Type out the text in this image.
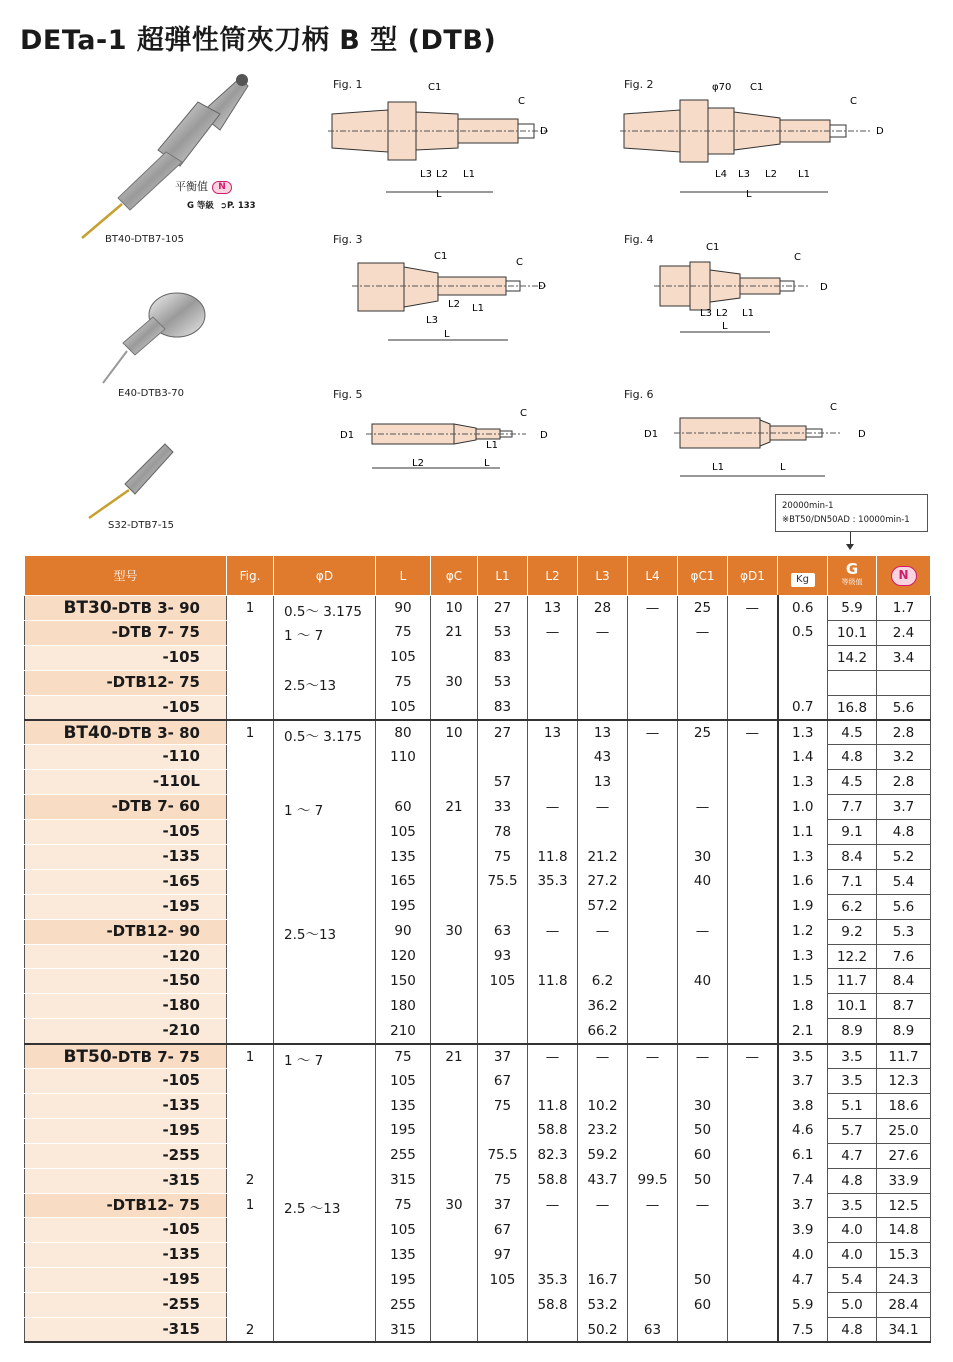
DETa-1 超弾性筒夾刀柄 B 型 (DTB)
BT40-DTB7-105
平衡值 N
G 等級 ➲P. 133
E40-DTB3-70
S32-DTB7-15
Fig. 1
L
L3 L2 L1
C1
C
D
Fig. 2
L
L4 L3 L2 L1
φ70 C1
C
D
Fig. 3
L
L2 L1
L3
C1
C
D
Fig. 4
L
L3 L2 L1
C1
C
D
Fig. 5
D1
L2	L
L1
C
D
Fig. 6
D1
L1	L
C
D
20000min-1
※BT50/DN50AD : 10000min-1
型号	Fig.	φD	L	φC	L1	L2	L3	L4	φC1	φD1	Kg	G
等级值	N
BT30-DTB 3- 90	1	0.5～ 3.175	90	10	27	13	28	—	25	—	0.6	5.9	1.7
-DTB 7- 75		1 ～ 7	75	21	53	—	—		—		0.5	10.1	2.4
-105			105		83							14.2	3.4
-DTB12- 75		2.5～13	75	30	53								
-105			105		83						0.7	16.8	5.6
BT40-DTB 3- 80	1	0.5～ 3.175	80	10	27	13	13	—	25	—	1.3	4.5	2.8
-110			110				43				1.4	4.8	3.2
-110L					57		13				1.3	4.5	2.8
-DTB 7- 60		1 ～ 7	60	21	33	—	—		—		1.0	7.7	3.7
-105			105		78						1.1	9.1	4.8
-135			135		75	11.8	21.2		30		1.3	8.4	5.2
-165			165		75.5	35.3	27.2		40		1.6	7.1	5.4
-195			195				57.2				1.9	6.2	5.6
-DTB12- 90		2.5～13	90	30	63	—	—		—		1.2	9.2	5.3
-120			120		93						1.3	12.2	7.6
-150			150		105	11.8	6.2		40		1.5	11.7	8.4
-180			180				36.2				1.8	10.1	8.7
-210			210				66.2				2.1	8.9	8.9
BT50-DTB 7- 75	1	1 ～ 7	75	21	37	—	—	—	—	—	3.5	3.5	11.7
-105			105		67						3.7	3.5	12.3
-135			135		75	11.8	10.2		30		3.8	5.1	18.6
-195			195			58.8	23.2		50		4.6	5.7	25.0
-255			255		75.5	82.3	59.2		60		6.1	4.7	27.6
-315	2		315		75	58.8	43.7	99.5	50		7.4	4.8	33.9
-DTB12- 75	1	2.5 ～13	75	30	37	—	—	—	—		3.7	3.5	12.5
-105			105		67						3.9	4.0	14.8
-135			135		97						4.0	4.0	15.3
-195			195		105	35.3	16.7		50		4.7	5.4	24.3
-255			255			58.8	53.2		60		5.9	5.0	28.4
-315	2		315				50.2	63			7.5	4.8	34.1
